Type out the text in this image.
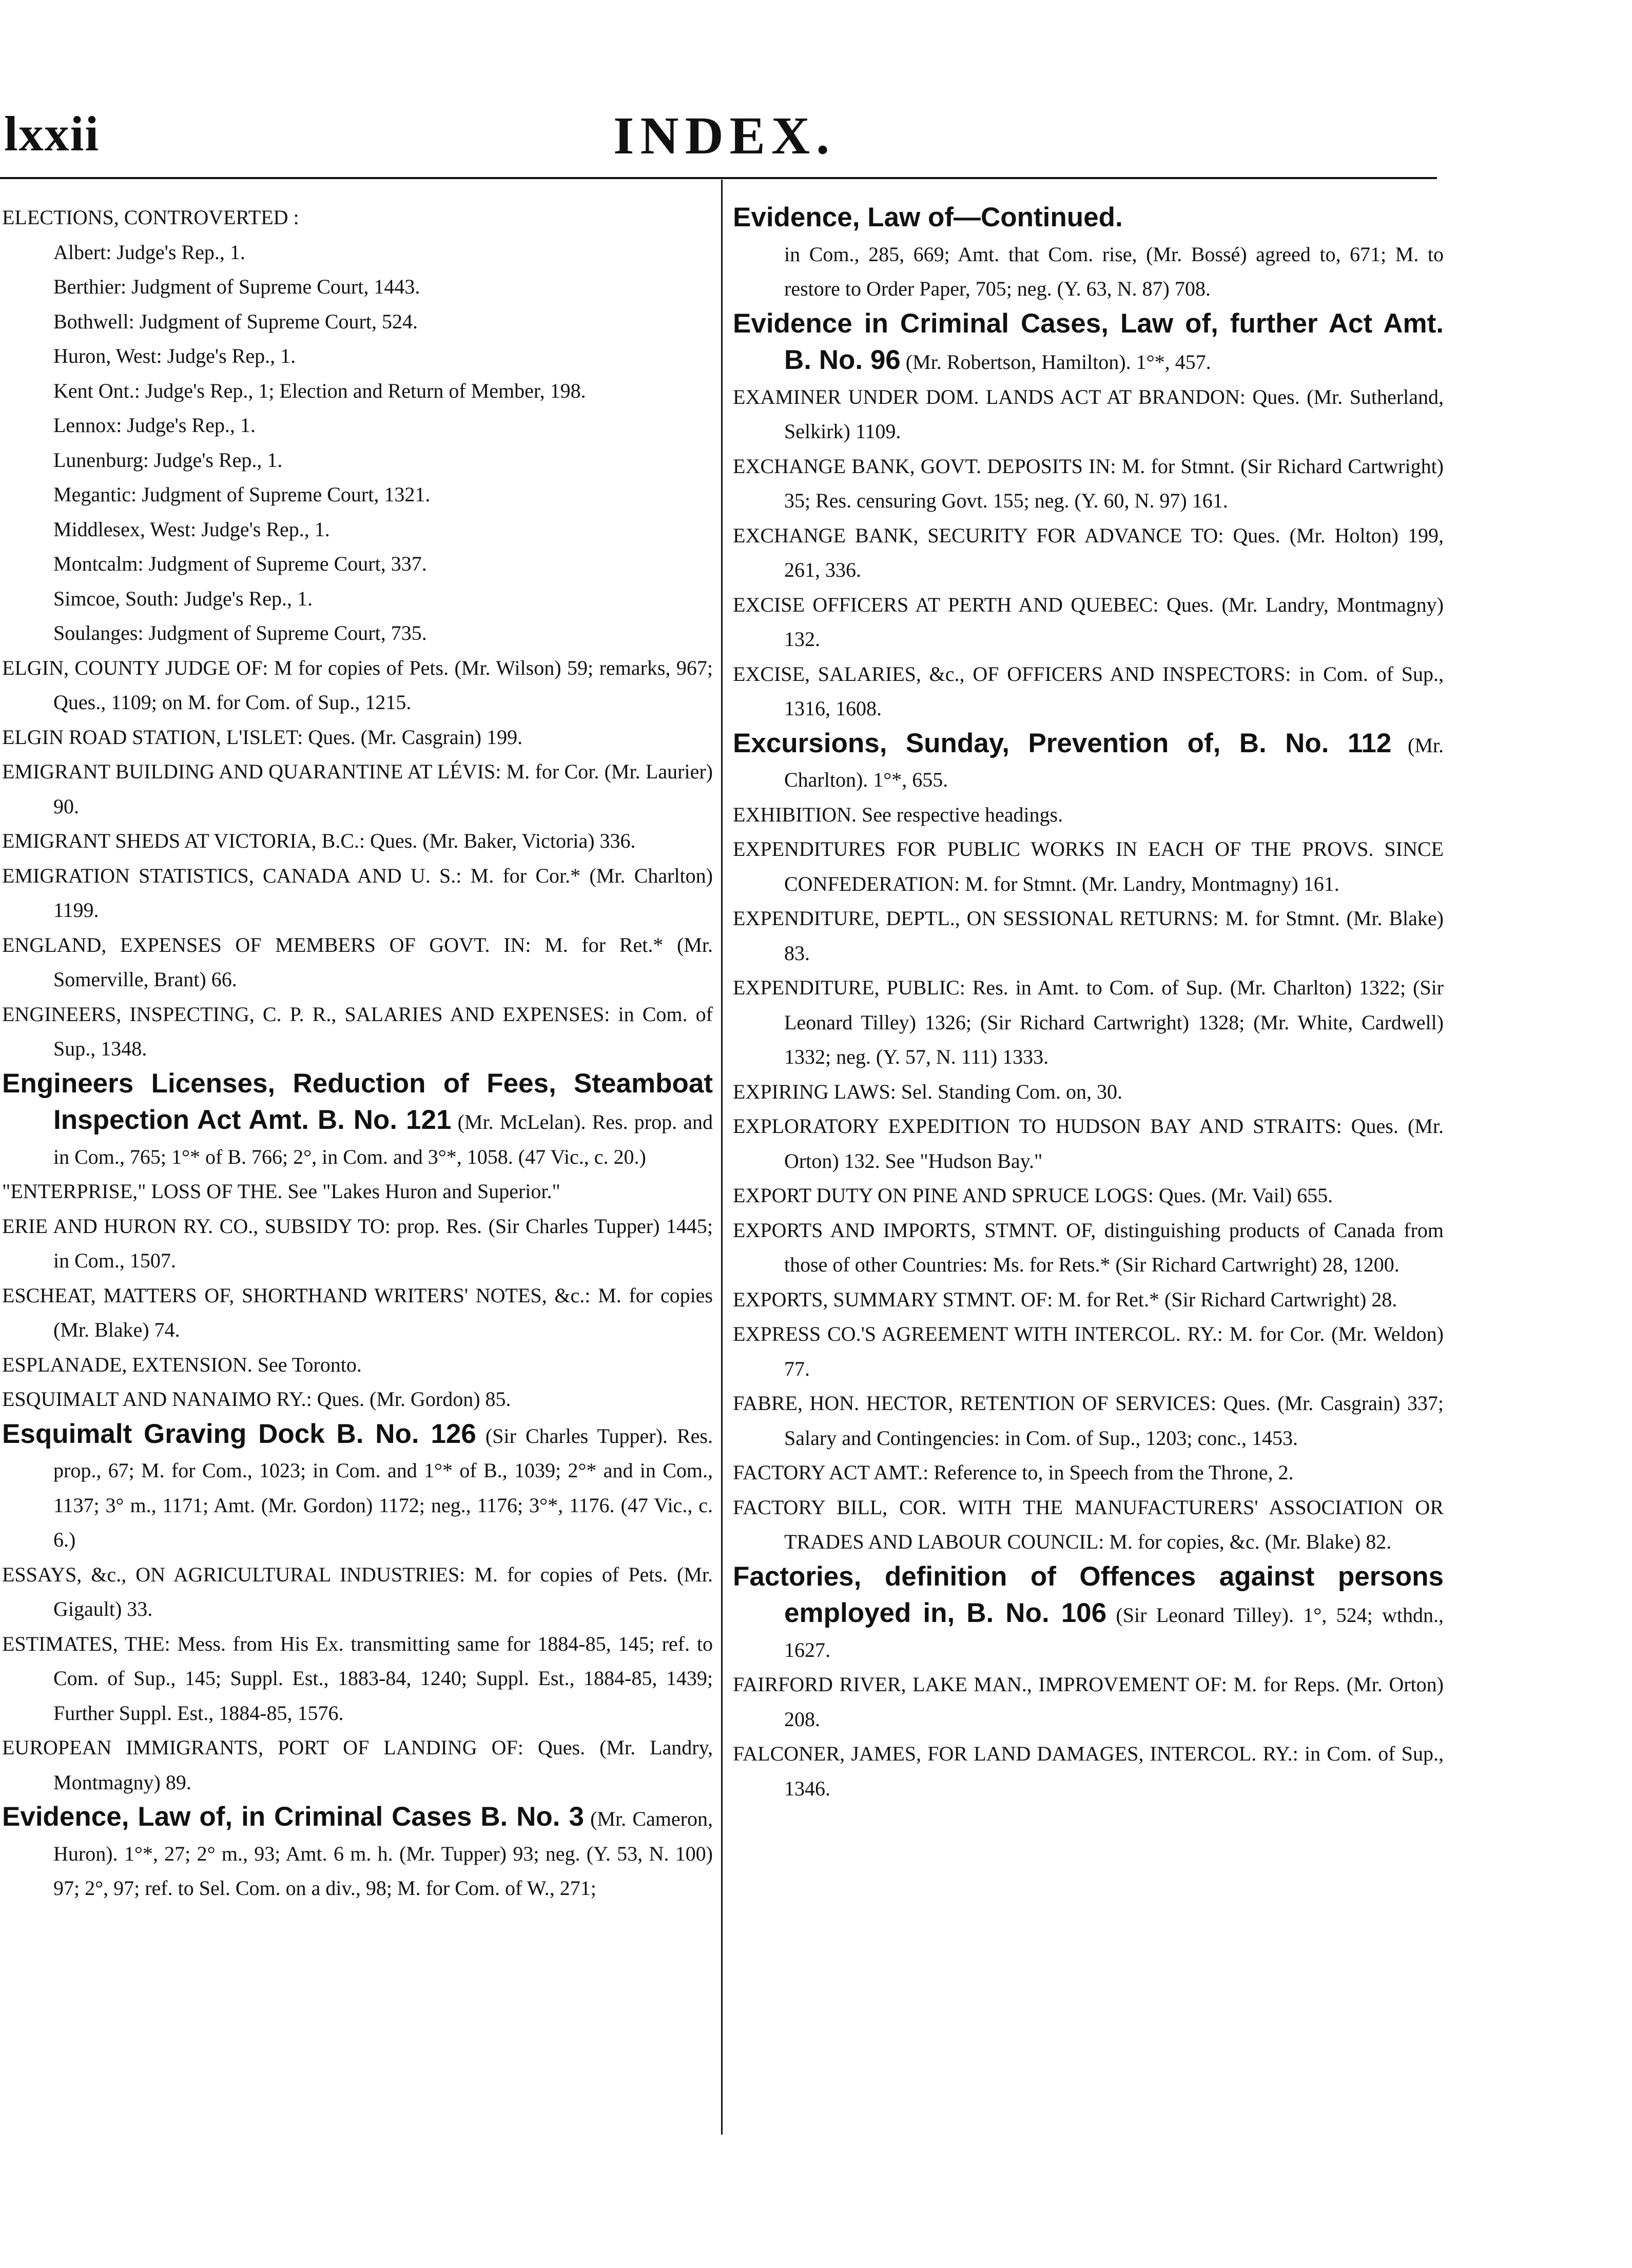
lxxii	INDEX.

ELECTIONS, CONTROVERTED :

Albert: Judge's Rep., 1.

Berthier: Judgment of Supreme Court, 1443.

Bothwell: Judgment of Supreme Court, 524.

Huron, West: Judge's Rep., 1.

Kent Ont.: Judge's Rep., 1; Election and Return of Member, 198.

Lennox: Judge's Rep., 1.

Lunenburg: Judge's Rep., 1.

Megantic: Judgment of Supreme Court, 1321.

Middlesex, West: Judge's Rep., 1.

Montcalm: Judgment of Supreme Court, 337.

Simcoe, South: Judge's Rep., 1.

Soulanges: Judgment of Supreme Court, 735.

ELGIN, COUNTY JUDGE OF: M for copies of Pets. (Mr. Wilson) 59; remarks, 967; Ques., 1109; on M. for Com. of Sup., 1215.

ELGIN ROAD STATION, L'ISLET: Ques. (Mr. Casgrain) 199.

EMIGRANT BUILDING AND QUARANTINE AT LÉVIS: M. for Cor. (Mr. Laurier) 90.

EMIGRANT SHEDS AT VICTORIA, B.C.: Ques. (Mr. Baker, Victoria) 336.

EMIGRATION STATISTICS, CANADA AND U. S.: M. for Cor.* (Mr. Charlton) 1199.

ENGLAND, EXPENSES OF MEMBERS OF GOVT. IN: M. for Ret.* (Mr. Somerville, Brant) 66.

ENGINEERS, INSPECTING, C. P. R., SALARIES AND EXPENSES: in Com. of Sup., 1348.

Engineers Licenses, Reduction of Fees, Steamboat Inspection Act Amt. B. No. 121 (Mr. McLelan). Res. prop. and in Com., 765; 1°* of B. 766; 2°, in Com. and 3°*, 1058. (47 Vic., c. 20.)

"ENTERPRISE," LOSS OF THE. See "Lakes Huron and Superior."

ERIE AND HURON RY. CO., SUBSIDY TO: prop. Res. (Sir Charles Tupper) 1445; in Com., 1507.

ESCHEAT, MATTERS OF, SHORTHAND WRITERS' NOTES, &c.: M. for copies (Mr. Blake) 74.

ESPLANADE, EXTENSION. See Toronto.

ESQUIMALT AND NANAIMO RY.: Ques. (Mr. Gordon) 85.

Esquimalt Graving Dock B. No. 126 (Sir Charles Tupper). Res. prop., 67; M. for Com., 1023; in Com. and 1°* of B., 1039; 2°* and in Com., 1137; 3° m., 1171; Amt. (Mr. Gordon) 1172; neg., 1176; 3°*, 1176. (47 Vic., c. 6.)

ESSAYS, &c., ON AGRICULTURAL INDUSTRIES: M. for copies of Pets. (Mr. Gigault) 33.

ESTIMATES, THE: Mess. from His Ex. transmitting same for 1884-85, 145; ref. to Com. of Sup., 145; Suppl. Est., 1883-84, 1240; Suppl. Est., 1884-85, 1439; Further Suppl. Est., 1884-85, 1576.

EUROPEAN IMMIGRANTS, PORT OF LANDING OF: Ques. (Mr. Landry, Montmagny) 89.

Evidence, Law of, in Criminal Cases B. No. 3 (Mr. Cameron, Huron). 1°*, 27; 2° m., 93; Amt. 6 m. h. (Mr. Tupper) 93; neg. (Y. 53, N. 100) 97; 2°, 97; ref. to Sel. Com. on a div., 98; M. for Com. of W., 271;

Evidence, Law of—Continued.
in Com., 285, 669; Amt. that Com. rise, (Mr. Bossé) agreed to, 671; M. to restore to Order Paper, 705; neg. (Y. 63, N. 87) 708.

Evidence in Criminal Cases, Law of, further Act Amt. B. No. 96 (Mr. Robertson, Hamilton). 1°*, 457.

EXAMINER UNDER DOM. LANDS ACT AT BRANDON: Ques. (Mr. Sutherland, Selkirk) 1109.

EXCHANGE BANK, GOVT. DEPOSITS IN: M. for Stmnt. (Sir Richard Cartwright) 35; Res. censuring Govt. 155; neg. (Y. 60, N. 97) 161.

EXCHANGE BANK, SECURITY FOR ADVANCE TO: Ques. (Mr. Holton) 199, 261, 336.

EXCISE OFFICERS AT PERTH AND QUEBEC: Ques. (Mr. Landry, Montmagny) 132.

EXCISE, SALARIES, &c., OF OFFICERS AND INSPECTORS: in Com. of Sup., 1316, 1608.

Excursions, Sunday, Prevention of, B. No. 112 (Mr. Charlton). 1°*, 655.

EXHIBITION. See respective headings.

EXPENDITURES FOR PUBLIC WORKS IN EACH OF THE PROVS. SINCE CONFEDERATION: M. for Stmnt. (Mr. Landry, Montmagny) 161.

EXPENDITURE, DEPTL., ON SESSIONAL RETURNS: M. for Stmnt. (Mr. Blake) 83.

EXPENDITURE, PUBLIC: Res. in Amt. to Com. of Sup. (Mr. Charlton) 1322; (Sir Leonard Tilley) 1326; (Sir Richard Cartwright) 1328; (Mr. White, Cardwell) 1332; neg. (Y. 57, N. 111) 1333.

EXPIRING LAWS: Sel. Standing Com. on, 30.

EXPLORATORY EXPEDITION TO HUDSON BAY AND STRAITS: Ques. (Mr. Orton) 132. See "Hudson Bay."

EXPORT DUTY ON PINE AND SPRUCE LOGS: Ques. (Mr. Vail) 655.

EXPORTS AND IMPORTS, STMNT. OF, distinguishing products of Canada from those of other Countries: Ms. for Rets.* (Sir Richard Cartwright) 28, 1200.

EXPORTS, SUMMARY STMNT. OF: M. for Ret.* (Sir Richard Cartwright) 28.

EXPRESS CO.'S AGREEMENT WITH INTERCOL. RY.: M. for Cor. (Mr. Weldon) 77.

FABRE, HON. HECTOR, RETENTION OF SERVICES: Ques. (Mr. Casgrain) 337; Salary and Contingencies: in Com. of Sup., 1203; conc., 1453.

FACTORY ACT AMT.: Reference to, in Speech from the Throne, 2.

FACTORY BILL, COR. WITH THE MANUFACTURERS' ASSOCIATION OR TRADES AND LABOUR COUNCIL: M. for copies, &c. (Mr. Blake) 82.

Factories, definition of Offences against persons employed in, B. No. 106 (Sir Leonard Tilley). 1°, 524; wthdn., 1627.

FAIRFORD RIVER, LAKE MAN., IMPROVEMENT OF: M. for Reps. (Mr. Orton) 208.

FALCONER, JAMES, FOR LAND DAMAGES, INTERCOL. RY.: in Com. of Sup., 1346.
